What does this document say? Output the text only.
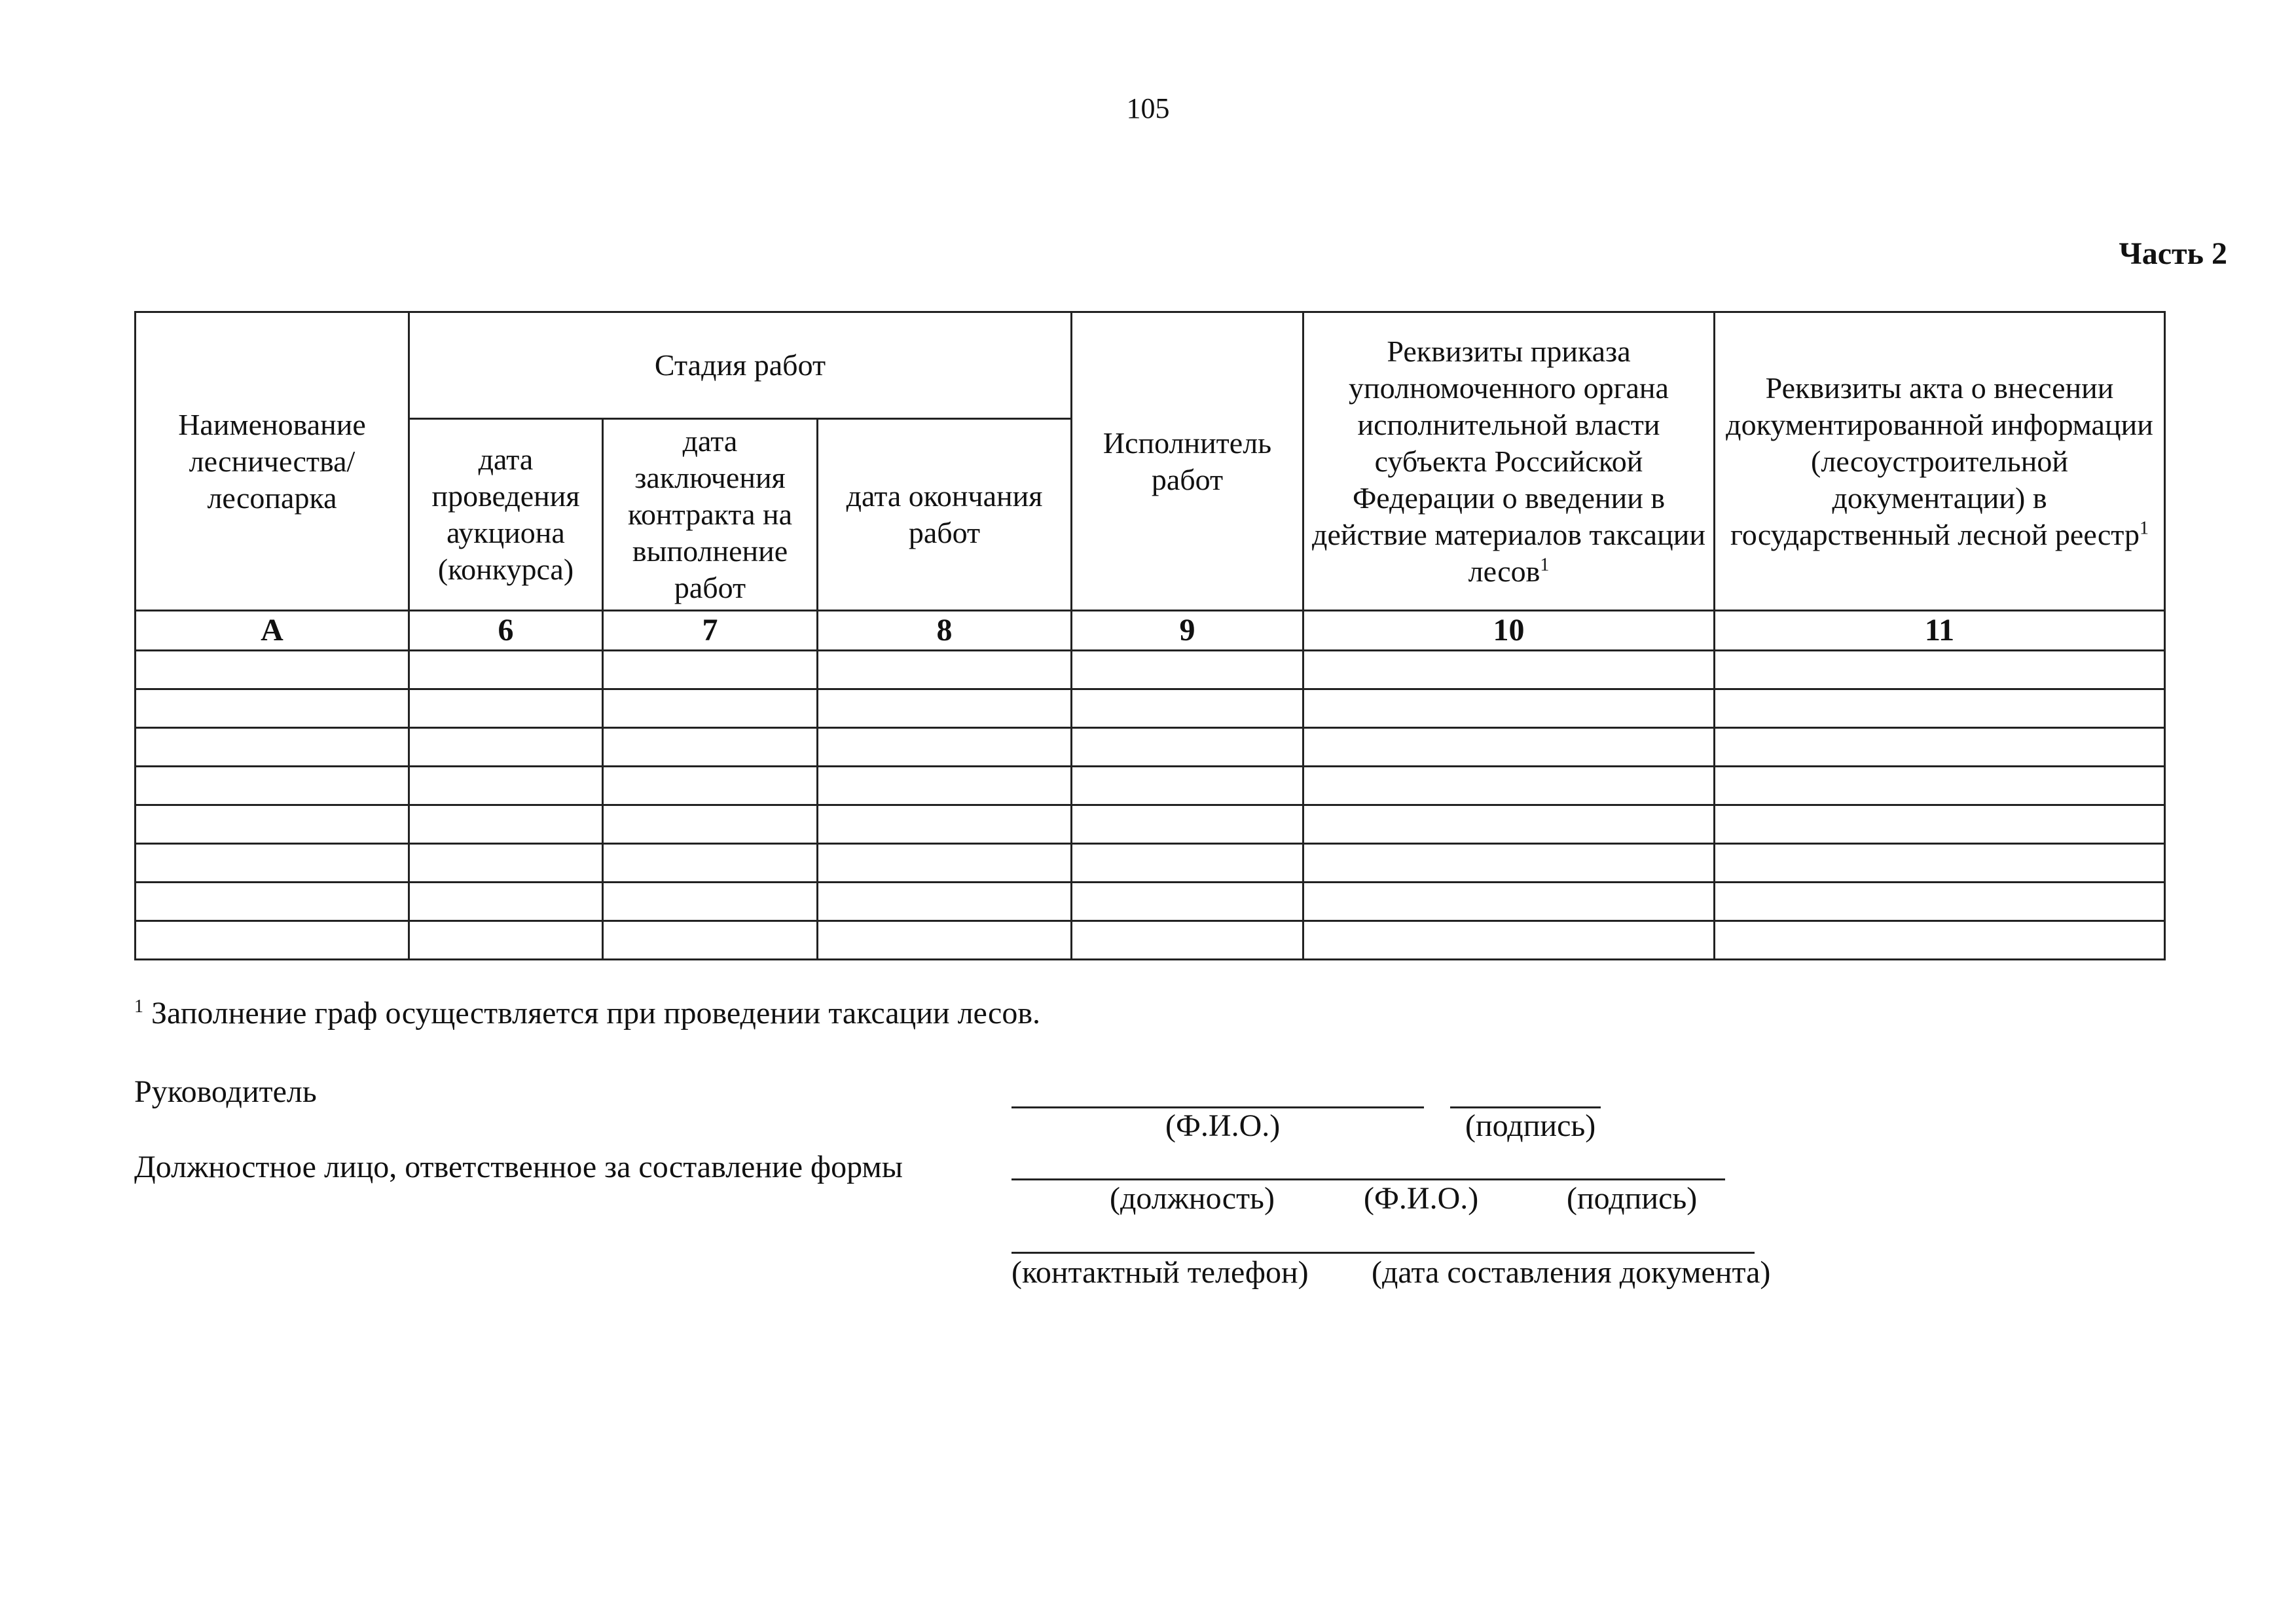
105
Часть 2
Наименование лесничества/ лесопарка	Стадия работ			Исполнитель работ	Реквизиты приказа уполномоченного органа исполнительной власти субъекта Российской Федерации о введении в действие материалов таксации лесов$^1$	Реквизиты акта о внесении документированной информации (лесоустроительной документации) в государственный лесной реестр$^1$
	дата проведения аукциона (конкурса)	дата заключения контракта на выполнение работ	дата окончания работ			
А	6	7	8	9	10	11

$^1$ Заполнение граф осуществляется при проведении таксации лесов.
Руководитель
(Ф.И.О.)	(подпись)
Должностное лицо, ответственное за составление формы
(должность)	(Ф.И.О.)	(подпись)
(контактный телефон) (дата составления документа)
